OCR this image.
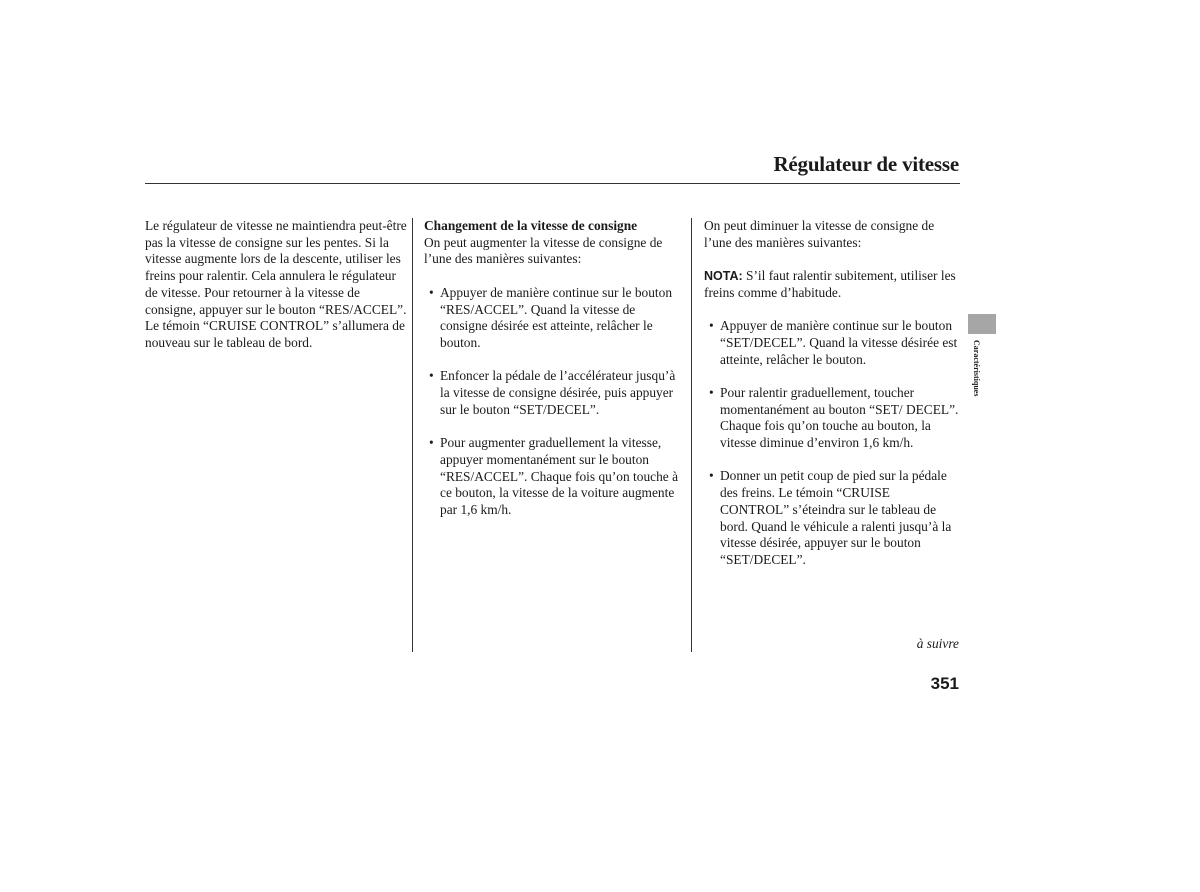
Régulateur de vitesse

Le régulateur de vitesse ne maintiendra peut-être pas la vitesse de consigne sur les pentes. Si la vitesse augmente lors de la descente, utiliser les freins pour ralentir. Cela annulera le régulateur de vitesse. Pour retourner à la vitesse de consigne, appuyer sur le bouton “RES/ACCEL”. Le témoin “CRUISE CONTROL” s’allumera de nouveau sur le tableau de bord.

Changement de la vitesse de consigne

On peut augmenter la vitesse de consigne de l’une des manières suivantes:

• Appuyer de manière continue sur le bouton “RES/ACCEL”. Quand la vitesse de consigne désirée est atteinte, relâcher le bouton.
• Enfoncer la pédale de l’accélérateur jusqu’à la vitesse de consigne désirée, puis appuyer sur le bouton “SET/DECEL”.
• Pour augmenter graduellement la vitesse, appuyer momentanément sur le bouton “RES/ACCEL”. Chaque fois qu’on touche à ce bouton, la vitesse de la voiture augmente par 1,6 km/h.

On peut diminuer la vitesse de consigne de l’une des manières suivantes:

NOTA: S’il faut ralentir subitement, utiliser les freins comme d’habitude.

• Appuyer de manière continue sur le bouton “SET/DECEL”. Quand la vitesse désirée est atteinte, relâcher le bouton.
• Pour ralentir graduellement, toucher momentanément au bouton “SET/ DECEL”. Chaque fois qu’on touche au bouton, la vitesse diminue d’environ 1,6 km/h.
• Donner un petit coup de pied sur la pédale des freins. Le témoin “CRUISE CONTROL” s’éteindra sur le tableau de bord. Quand le véhicule a ralenti jusqu’à la vitesse désirée, appuyer sur le bouton “SET/DECEL”.
à suivre
351
Caractéristiques
